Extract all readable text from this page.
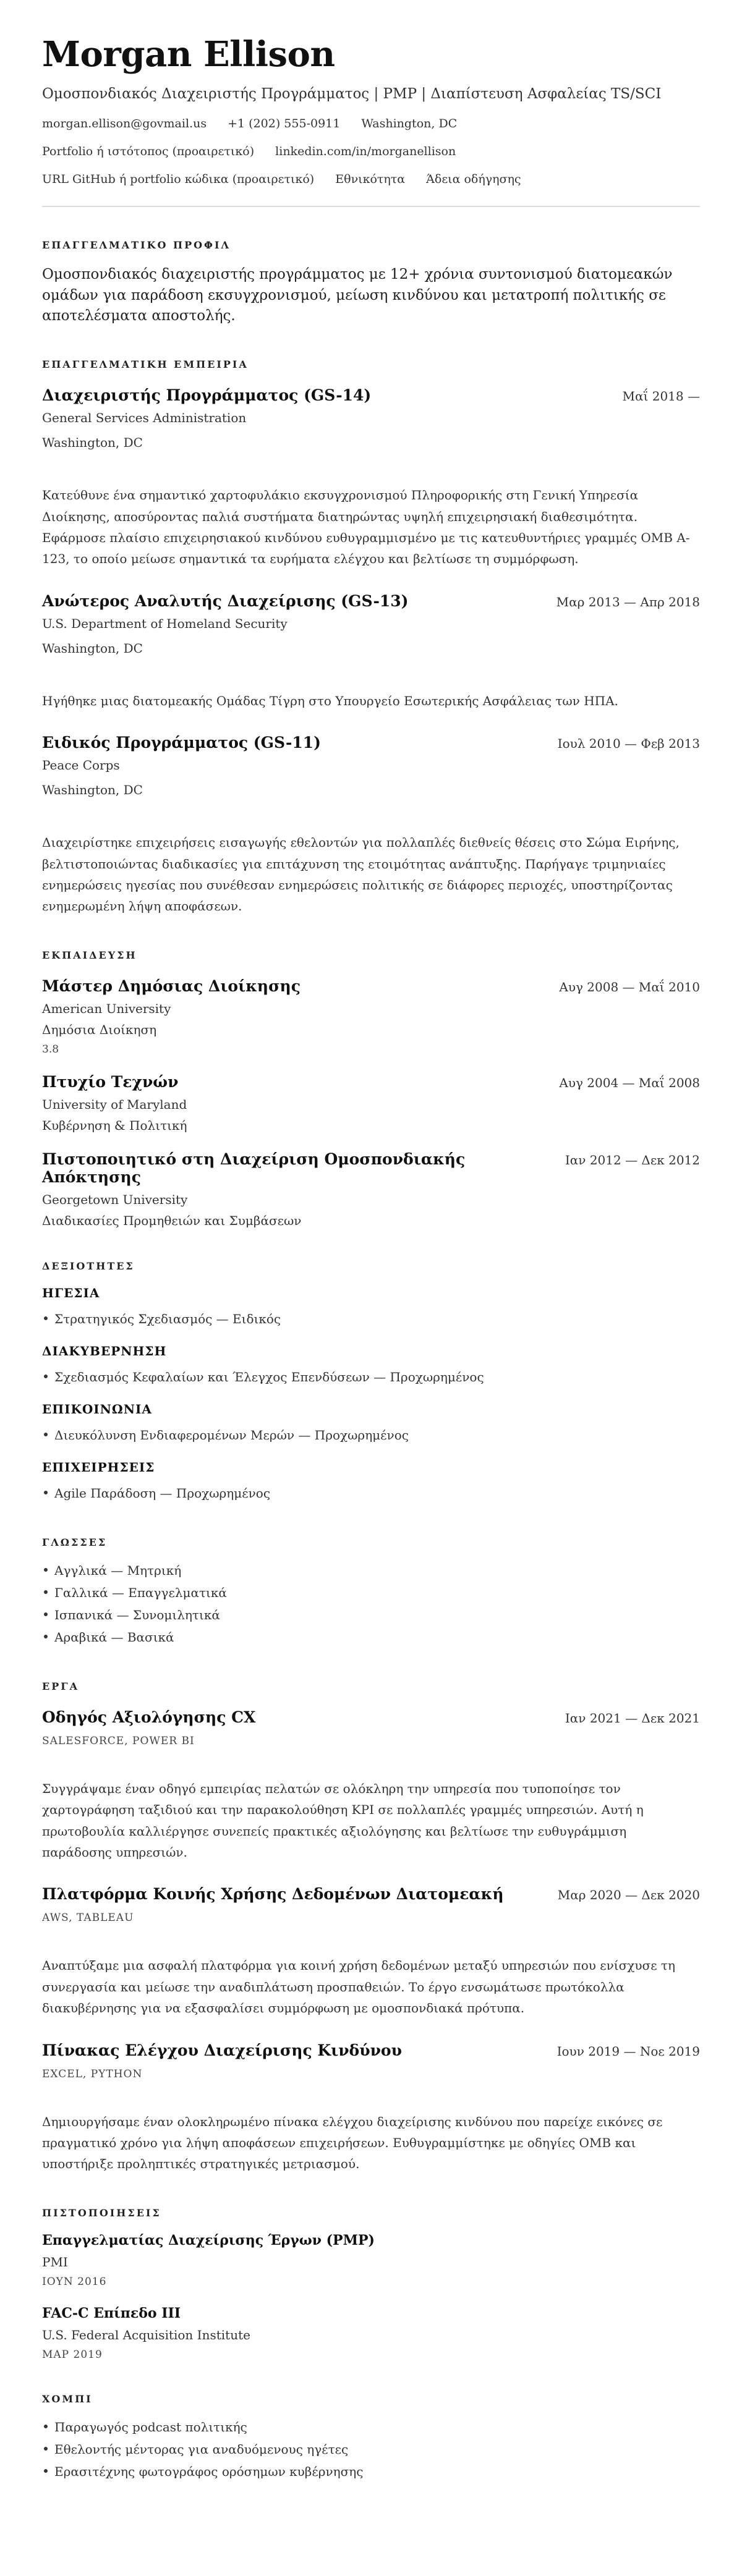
Morgan Ellison
Ομοσπονδιακός Διαχειριστής Προγράμματος | PMP | Διαπίστευση Ασφαλείας TS/SCI
morgan.ellison@govmail.us +1 (202) 555-0911 Washington, DC
Portfolio ή ιστότοπος (προαιρετικό) linkedin.com/in/morganellison
URL GitHub ή portfolio κώδικα (προαιρετικό) Εθνικότητα Άδεια οδήγησης
ΕΠΑΓΓΕΛΜΑΤΙΚΟ ΠΡΟΦΙΛ

Ομοσπονδιακός διαχειριστής προγράμματος με 12+ χρόνια συντονισμού διατομεακών ομάδων για παράδοση εκσυγχρονισμού, μείωση κινδύνου και μετατροπή πολιτικής σε αποτελέσματα αποστολής.

ΕΠΑΓΓΕΛΜΑΤΙΚΗ ΕΜΠΕΙΡΙΑ
Διαχειριστής Προγράμματος (GS-14)	Μαΐ 2018 —
General Services Administration
Washington, DC

Κατεύθυνε ένα σημαντικό χαρτοφυλάκιο εκσυγχρονισμού Πληροφορικής στη Γενική Υπηρεσία Διοίκησης, αποσύροντας παλιά συστήματα διατηρώντας υψηλή επιχειρησιακή διαθεσιμότητα. Εφάρμοσε πλαίσιο επιχειρησιακού κινδύνου ευθυγραμμισμένο με τις κατευθυντήριες γραμμές OMB A-123, το οποίο μείωσε σημαντικά τα ευρήματα ελέγχου και βελτίωσε τη συμμόρφωση.

Ανώτερος Αναλυτής Διαχείρισης (GS-13)	Μαρ 2013 — Απρ 2018
U.S. Department of Homeland Security
Washington, DC

Ηγήθηκε μιας διατομεακής Ομάδας Τίγρη στο Υπουργείο Εσωτερικής Ασφάλειας των ΗΠΑ.

Ειδικός Προγράμματος (GS-11)	Ιουλ 2010 — Φεβ 2013
Peace Corps
Washington, DC

Διαχειρίστηκε επιχειρήσεις εισαγωγής εθελοντών για πολλαπλές διεθνείς θέσεις στο Σώμα Ειρήνης, βελτιστοποιώντας διαδικασίες για επιτάχυνση της ετοιμότητας ανάπτυξης. Παρήγαγε τριμηνιαίες ενημερώσεις ηγεσίας που συνέθεσαν ενημερώσεις πολιτικής σε διάφορες περιοχές, υποστηρίζοντας ενημερωμένη λήψη αποφάσεων.

ΕΚΠΑΙΔΕΥΣΗ
Μάστερ Δημόσιας Διοίκησης	Αυγ 2008 — Μαΐ 2010
American University
Δημόσια Διοίκηση
3.8
Πτυχίο Τεχνών	Αυγ 2004 — Μαΐ 2008
University of Maryland
Κυβέρνηση & Πολιτική
Πιστοποιητικό στη Διαχείριση Ομοσπονδιακής Απόκτησης
Ιαν 2012 — Δεκ 2012
Georgetown University
Διαδικασίες Προμηθειών και Συμβάσεων
ΔΕΞΙΟΤΗΤΕΣ
ΗΓΕΣΙΑ
Στρατηγικός Σχεδιασμός — Ειδικός
ΔΙΑΚΥΒΕΡΝΗΣΗ
Σχεδιασμός Κεφαλαίων και Έλεγχος Επενδύσεων — Προχωρημένος
ΕΠΙΚΟΙΝΩΝΙΑ
Διευκόλυνση Ενδιαφερομένων Μερών — Προχωρημένος
ΕΠΙΧΕΙΡΗΣΕΙΣ
Agile Παράδοση — Προχωρημένος
ΓΛΩΣΣΕΣ
Αγγλικά — Μητρική
Γαλλικά — Επαγγελματικά
Ισπανικά — Συνομιλητικά
Αραβικά — Βασικά
ΕΡΓΑ
Οδηγός Αξιολόγησης CX	Ιαν 2021 — Δεκ 2021
SALESFORCE, POWER BI

Συγγράψαμε έναν οδηγό εμπειρίας πελατών σε ολόκληρη την υπηρεσία που τυποποίησε τον χαρτογράφηση ταξιδιού και την παρακολούθηση KPI σε πολλαπλές γραμμές υπηρεσιών. Αυτή η πρωτοβουλία καλλιέργησε συνεπείς πρακτικές αξιολόγησης και βελτίωσε την ευθυγράμμιση παράδοσης υπηρεσιών.

Πλατφόρμα Κοινής Χρήσης Δεδομένων Διατομεακή	Μαρ 2020 — Δεκ 2020
AWS, TABLEAU

Αναπτύξαμε μια ασφαλή πλατφόρμα για κοινή χρήση δεδομένων μεταξύ υπηρεσιών που ενίσχυσε τη συνεργασία και μείωσε την αναδιπλάτωση προσπαθειών. Το έργο ενσωμάτωσε πρωτόκολλα διακυβέρνησης για να εξασφαλίσει συμμόρφωση με ομοσπονδιακά πρότυπα.

Πίνακας Ελέγχου Διαχείρισης Κινδύνου	Ιουν 2019 — Νοε 2019
EXCEL, PYTHON

Δημιουργήσαμε έναν ολοκληρωμένο πίνακα ελέγχου διαχείρισης κινδύνου που παρείχε εικόνες σε πραγματικό χρόνο για λήψη αποφάσεων επιχειρήσεων. Ευθυγραμμίστηκε με οδηγίες OMB και υποστήριξε προληπτικές στρατηγικές μετριασμού.

ΠΙΣΤΟΠΟΙΗΣΕΙΣ
Επαγγελματίας Διαχείρισης Έργων (PMP)
PMI
ΙΟΥΝ 2016
FAC-C Επίπεδο III
U.S. Federal Acquisition Institute
ΜΑΡ 2019
ΧΟΜΠΙ
Παραγωγός podcast πολιτικής
Εθελοντής μέντορας για αναδυόμενους ηγέτες
Ερασιτέχνης φωτογράφος ορόσημων κυβέρνησης
